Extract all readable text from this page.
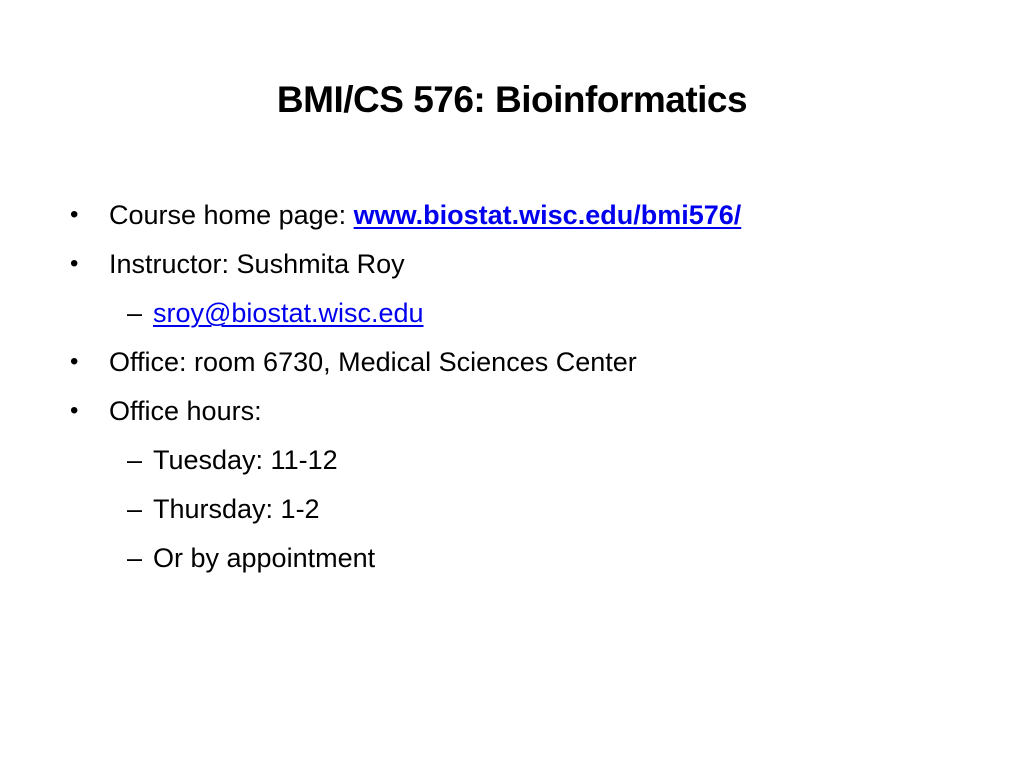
BMI/CS 576: Bioinformatics
•	Course home page: www.biostat.wisc.edu/bmi576/
•	Instructor: Sushmita Roy
– sroy@biostat.wisc.edu
•	Office: room 6730, Medical Sciences Center
•	Office hours:
– Tuesday: 11-12
– Thursday: 1-2
– Or by appointment
